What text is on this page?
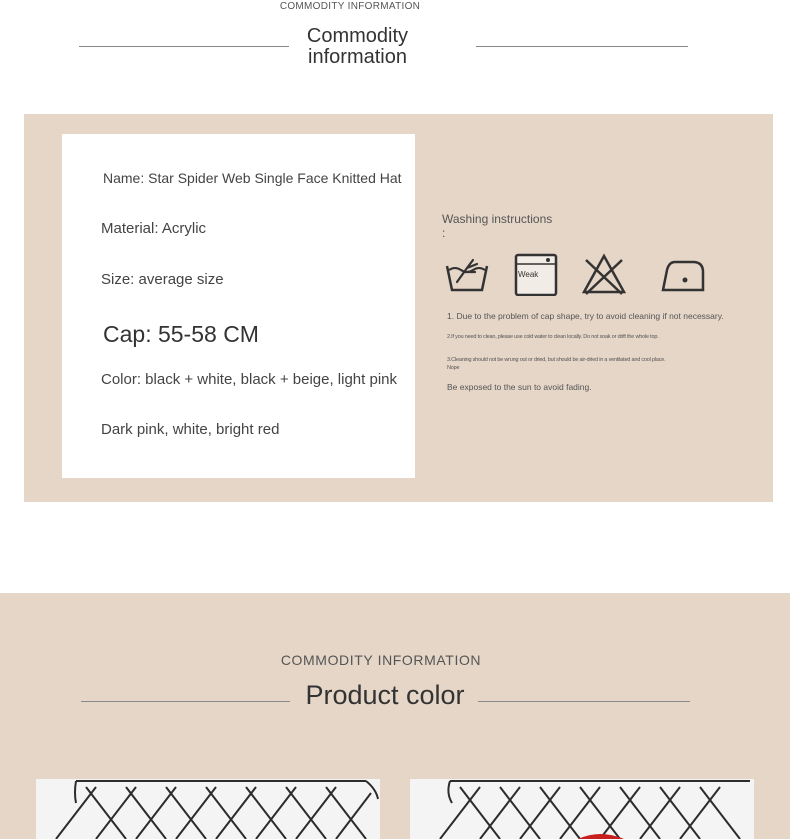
COMMODITY INFORMATION
Commodity
information
Name: Star Spider Web Single Face Knitted Hat
Material: Acrylic
Size: average size
Cap: 55-58 CM
Color: black + white, black + beige, light pink
Dark pink, white, bright red
Washing instructions
:
Weak
1. Due to the problem of cap shape, try to avoid cleaning if not necessary.
2.If you need to clean, please use cold water to clean locally. Do not soak or drift the whole top.
3.Cleaning should not be wrung out or dried, but should be air-dried in a ventilated and cool place.
Nope
Be exposed to the sun to avoid fading.
COMMODITY INFORMATION
Product color
